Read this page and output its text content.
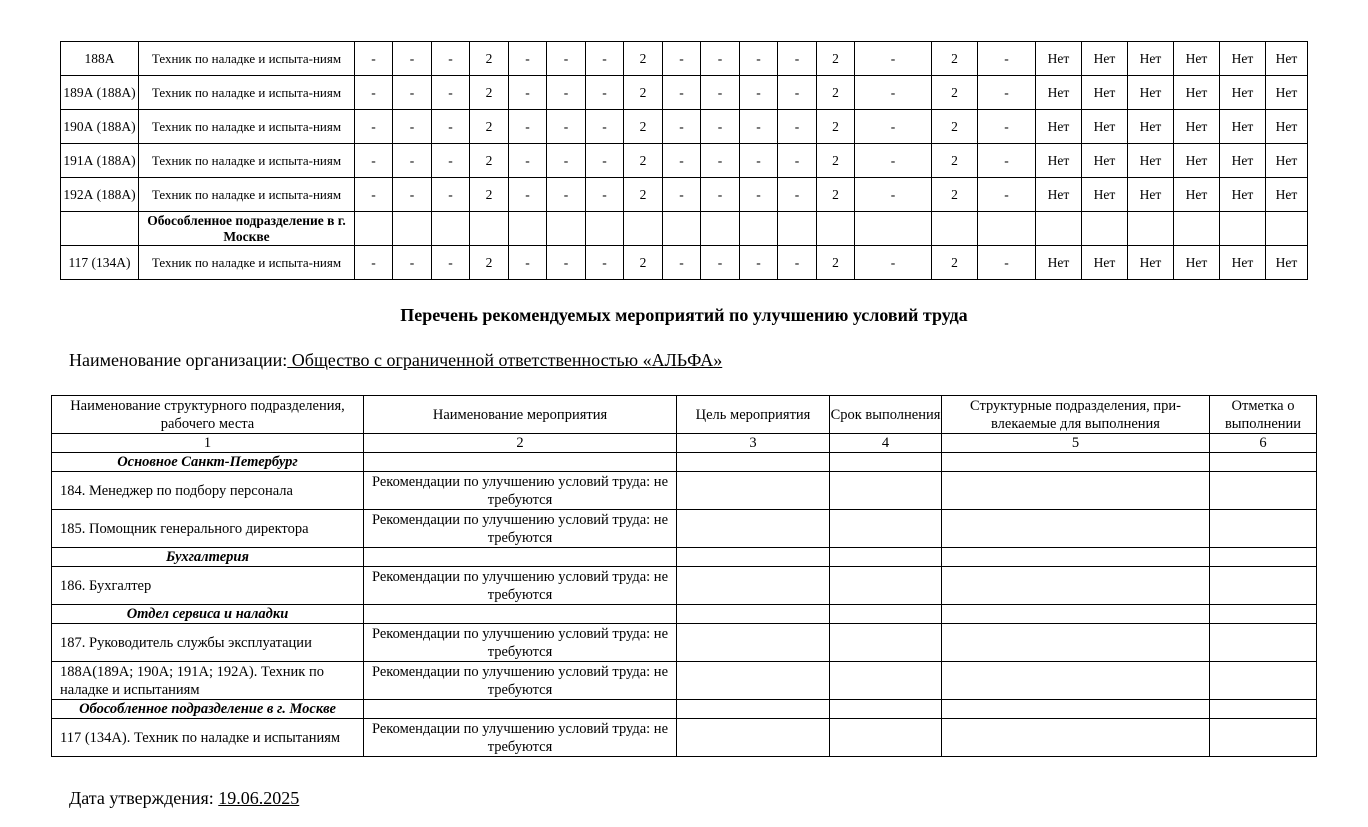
188А	Техник по наладке и испыта-ниям	-	-	-	2	-	-	-	2	-	-	-	-	2	-	2	-	Нет	Нет	Нет	Нет	Нет	Нет
189А (188А)	Техник по наладке и испыта-ниям	-	-	-	2	-	-	-	2	-	-	-	-	2	-	2	-	Нет	Нет	Нет	Нет	Нет	Нет
190А (188А)	Техник по наладке и испыта-ниям	-	-	-	2	-	-	-	2	-	-	-	-	2	-	2	-	Нет	Нет	Нет	Нет	Нет	Нет
191А (188А)	Техник по наладке и испыта-ниям	-	-	-	2	-	-	-	2	-	-	-	-	2	-	2	-	Нет	Нет	Нет	Нет	Нет	Нет
192А (188А)	Техник по наладке и испыта-ниям	-	-	-	2	-	-	-	2	-	-	-	-	2	-	2	-	Нет	Нет	Нет	Нет	Нет	Нет
	Обособленное подразделение в г. Москве																						
117 (134А)	Техник по наладке и испыта-ниям	-	-	-	2	-	-	-	2	-	-	-	-	2	-	2	-	Нет	Нет	Нет	Нет	Нет	Нет
Перечень рекомендуемых мероприятий по улучшению условий труда
Наименование организации: Общество с ограниченной ответственностью «АЛЬФА»
Наименование структурного подразделения, рабочего места	Наименование мероприятия	Цель мероприятия	Срок выполнения	Структурные подразделения, при-влекаемые для выполнения	Отметка о выполнении
1	2	3	4	5	6
Основное Санкт-Петербург					
184. Менеджер по подбору персонала	Рекомендации по улучшению условий труда: не требуются				
185. Помощник генерального директора	Рекомендации по улучшению условий труда: не требуются				
Бухгалтерия					
186. Бухгалтер	Рекомендации по улучшению условий труда: не требуются				
Отдел сервиса и наладки					
187. Руководитель службы эксплуатации	Рекомендации по улучшению условий труда: не требуются				
188А(189А; 190А; 191А; 192А). Техник по наладке и испытаниям	Рекомендации по улучшению условий труда: не требуются				
Обособленное подразделение в г. Москве					
117 (134А). Техник по наладке и испытаниям	Рекомендации по улучшению условий труда: не требуются				
Дата утверждения: 19.06.2025
